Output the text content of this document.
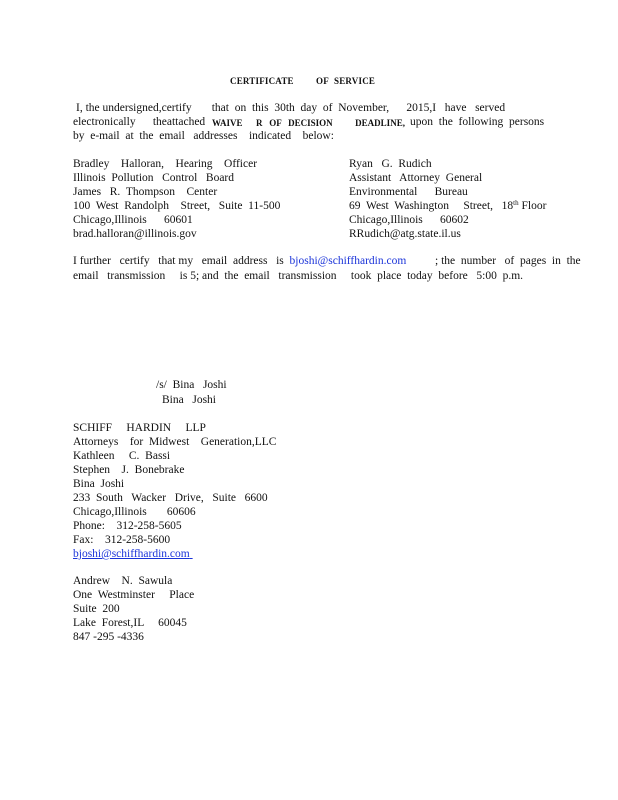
CERTIFICATE OF SERVICE
I, the undersigned,certify       that  on  this  30th  day  of  November,      2015,I   have   served
electronically      theattached WAIVE      R   OF   DECISION          DEADLINE, upon  the  following  persons
by  e-mail  at  the  email   addresses    indicated    below:
Bradley    Halloran,    Hearing    Officer
Illinois  Pollution   Control   Board
James   R.  Thompson    Center
100  West  Randolph    Street,   Suite  11-500
Chicago,Illinois      60601
brad.halloran@illinois.gov
Ryan   G.  Rudich
Assistant   Attorney  General
Environmental      Bureau
69  West  Washington     Street,   18th Floor
Chicago,Illinois      60602
RRudich@atg.state.il.us
I further   certify   that my   email  address   is bjoshi@schiffhardin.com	; the  number   of  pages  in  the
email   transmission     is 5; and  the  email   transmission     took  place  today  before   5:00  p.m.
/s/  Bina   Joshi
Bina   Joshi
SCHIFF     HARDIN     LLP
Attorneys    for  Midwest    Generation,LLC
Kathleen     C.  Bassi
Stephen    J.  Bonebrake
Bina  Joshi
233  South   Wacker   Drive,   Suite   6600
Chicago,Illinois       60606
Phone:    312-258-5605
Fax:    312-258-5600
bjoshi@schiffhardin.com
Andrew    N.  Sawula
One  Westminster     Place
Suite  200
Lake  Forest,IL     60045
847 -295 -4336
